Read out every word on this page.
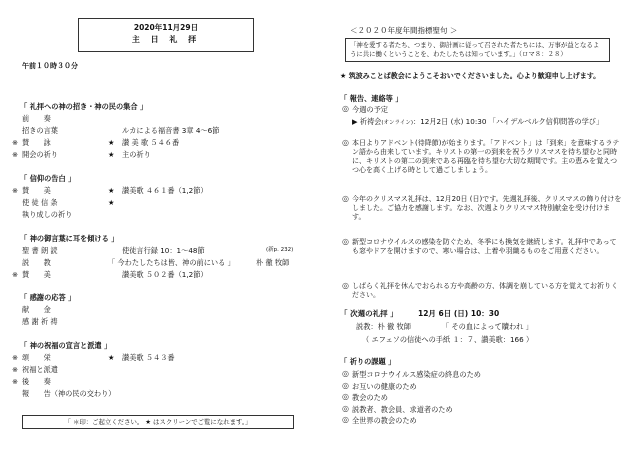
2020年11月29日
主 日 礼 拝
午前１０時３０分
「 礼拝への神の招き・神の民の集合 」
前　　奏
招きの言葉	ルカによる福音書 3章 4〜6節
※ 賛　　詠	★ 讃 美 歌 ５４６番
※ 開会の祈り	★ 主の祈り
「 信仰の告白 」
※ 賛　　美	★ 讃美歌 ４６１番（1,2節）
使 徒 信 条	★
執り成しの祈り
「 神の御言葉に耳を傾ける 」
聖 書 朗 読	使徒言行録 10：1〜48節	(新p. 232)
説　　教	「 今わたしたちは皆、神の前にいる 」	朴 徹 牧師
※ 賛　　美	讃美歌 ５０２番（1,2節）
「 感謝の応答 」
献　　金
感 謝 祈 祷
「 神の祝福の宣言と派遣 」
※ 頌　　栄	★ 讃美歌 ５４３番
※ 祝福と派遣
※ 後　　奏
報　　告（神の民の交わり）
「 ＊印：ご起立ください。 ★ はスクリーンでご覧になれます。」
＜２０２０年度年間指標聖句 ＞
「神を愛する者たち、つまり、御計画に従って召された者たちには、万事が益となるように共に働くということを、わたしたちは知っています。」（ロマ８：２８）
★ 筑波みことば教会にようこそおいでくださいました。心より歓迎申し上げます。
「 報告、連絡等 」
◎ 今週の予定
▶ 祈祷会(オンライン)：12月2日 (水) 10:30 「ハイデルベルク信仰問答の学び」
◎ 本日よりアドベント(待降節)が始まります。「アドベント」は「到来」を意味するラテン語から由来しています。キリストの第一の到来を祝うクリスマスを待ち望むと同時に、キリストの第二の到来である再臨を待ち望む大切な期間です。主の恵みを覚えつつ心を高く上げる時として過ごしましょう。
◎ 今年のクリスマス礼拝は、12月20日 (日)です。先週礼拝後、クリスマスの飾り付けをしました。ご協力を感謝します。なお、次週よりクリスマス特別献金を受け付けます。
◎ 新型コロナウイルスの感染を防ぐため、冬季にも換気を継続します。礼拝中であっても窓やドアを開けますので、寒い場合は、上着や羽織るものをご用意ください。
◎ しばらく礼拝を休んでおられる方や高齢の方、体調を崩している方を覚えてお祈りください。
「 次週の礼拝 」	12月 6日 (日) 10：30
説教：朴 徹 牧師	「 その血によって贖われ 」
（ エフェソの信徒への手紙 １：７、讃美歌：166 ）
「 祈りの課題 」
◎ 新型コロナウイルス感染症の終息のため
◎ お互いの健康のため
◎ 教会のため
◎ 説教者、教会員、求道者のため
◎ 全世界の教会のため
